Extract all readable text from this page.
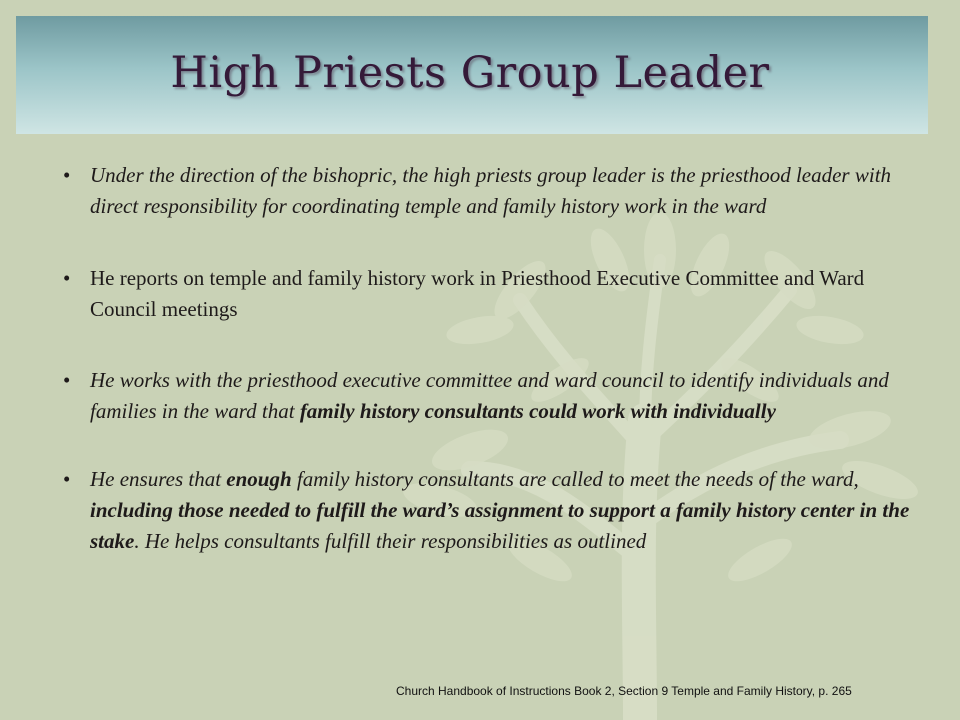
High Priests Group Leader
• Under the direction of the bishopric, the high priests group leader is the priesthood leader with direct responsibility for coordinating temple and family history work in the ward
• He reports on temple and family history work in Priesthood Executive Committee and Ward Council meetings
• He works with the priesthood executive committee and ward council to identify individuals and families in the ward that family history consultants could work with individually
• He ensures that enough family history consultants are called to meet the needs of the ward, including those needed to fulfill the ward’s assignment to support a family history center in the stake. He helps consultants fulfill their responsibilities as outlined

Church Handbook of Instructions Book 2, Section 9 Temple and Family History, p. 265
